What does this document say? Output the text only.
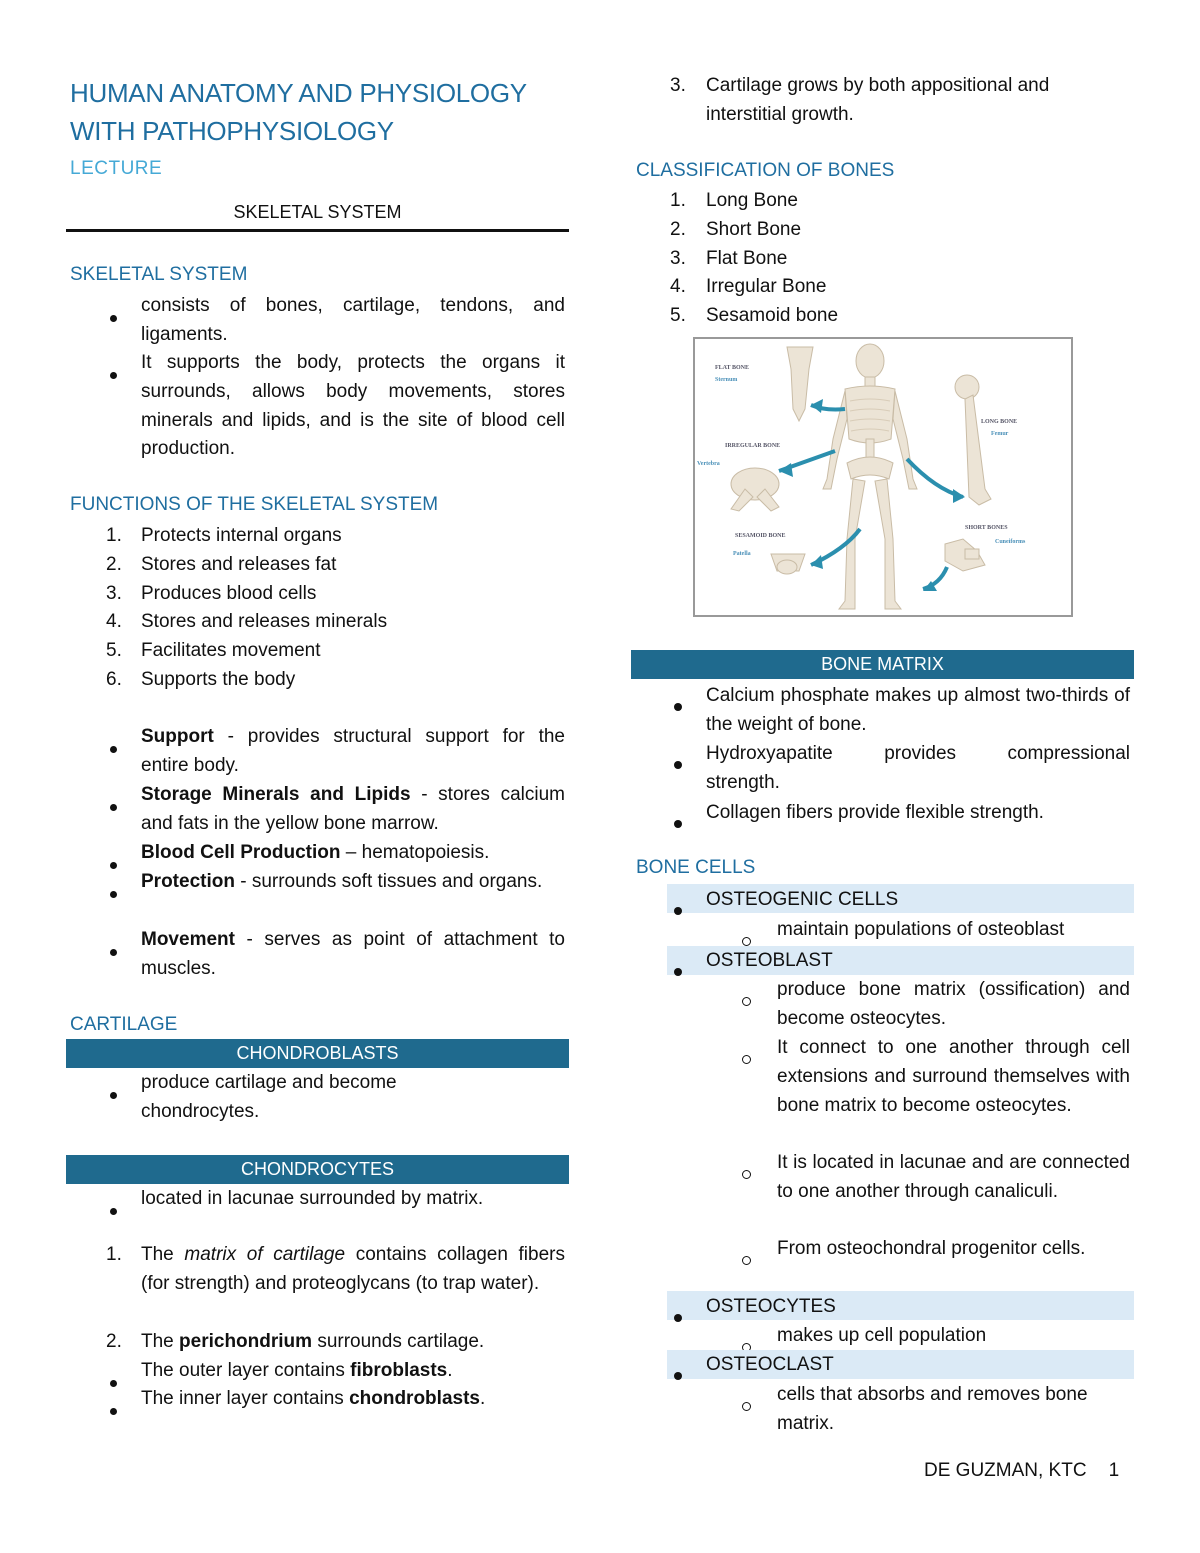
HUMAN ANATOMY AND PHYSIOLOGY
WITH PATHOPHYSIOLOGY
LECTURE
SKELETAL SYSTEM
SKELETAL SYSTEM
consists of bones, cartilage, tendons, and ligaments.
It supports the body, protects the organs it surrounds, allows body movements, stores minerals and lipids, and is the site of blood cell production.
FUNCTIONS OF THE SKELETAL SYSTEM
1. Protects internal organs
2. Stores and releases fat
3. Produces blood cells
4. Stores and releases minerals
5. Facilitates movement
6. Supports the body
Support - provides structural support for the entire body.
Storage Minerals and Lipids - stores calcium and fats in the yellow bone marrow.
Blood Cell Production – hematopoiesis.
Protection - surrounds soft tissues and organs.
Movement - serves as point of attachment to muscles.
CARTILAGE
CHONDROBLASTS
produce cartilage and become chondrocytes.
CHONDROCYTES
located in lacunae surrounded by matrix.
1. The matrix of cartilage contains collagen fibers (for strength) and proteoglycans (to trap water).
2. The perichondrium surrounds cartilage.
The outer layer contains fibroblasts.
The inner layer contains chondroblasts.
3. Cartilage grows by both appositional and interstitial growth.
CLASSIFICATION OF BONES
1. Long Bone
2. Short Bone
3. Flat Bone
4. Irregular Bone
5. Sesamoid bone
FLAT BONE
Sternum
IRREGULAR BONE
Vertebra
SESAMOID BONE
Patella
LONG BONE
Femur
SHORT BONES
Cuneiforms
BONE MATRIX
Calcium phosphate makes up almost two-thirds of the weight of bone.
Hydroxyapatite provides compressional strength.
Collagen fibers provide flexible strength.
BONE CELLS
OSTEOGENIC CELLS
maintain populations of osteoblast
OSTEOBLAST
produce bone matrix (ossification) and become osteocytes.
It connect to one another through cell extensions and surround themselves with bone matrix to become osteocytes.
It is located in lacunae and are connected to one another through canaliculi.
From osteochondral progenitor cells.
OSTEOCYTES
makes up cell population
OSTEOCLAST
cells that absorbs and removes bone matrix.
DE GUZMAN, KTC 1
